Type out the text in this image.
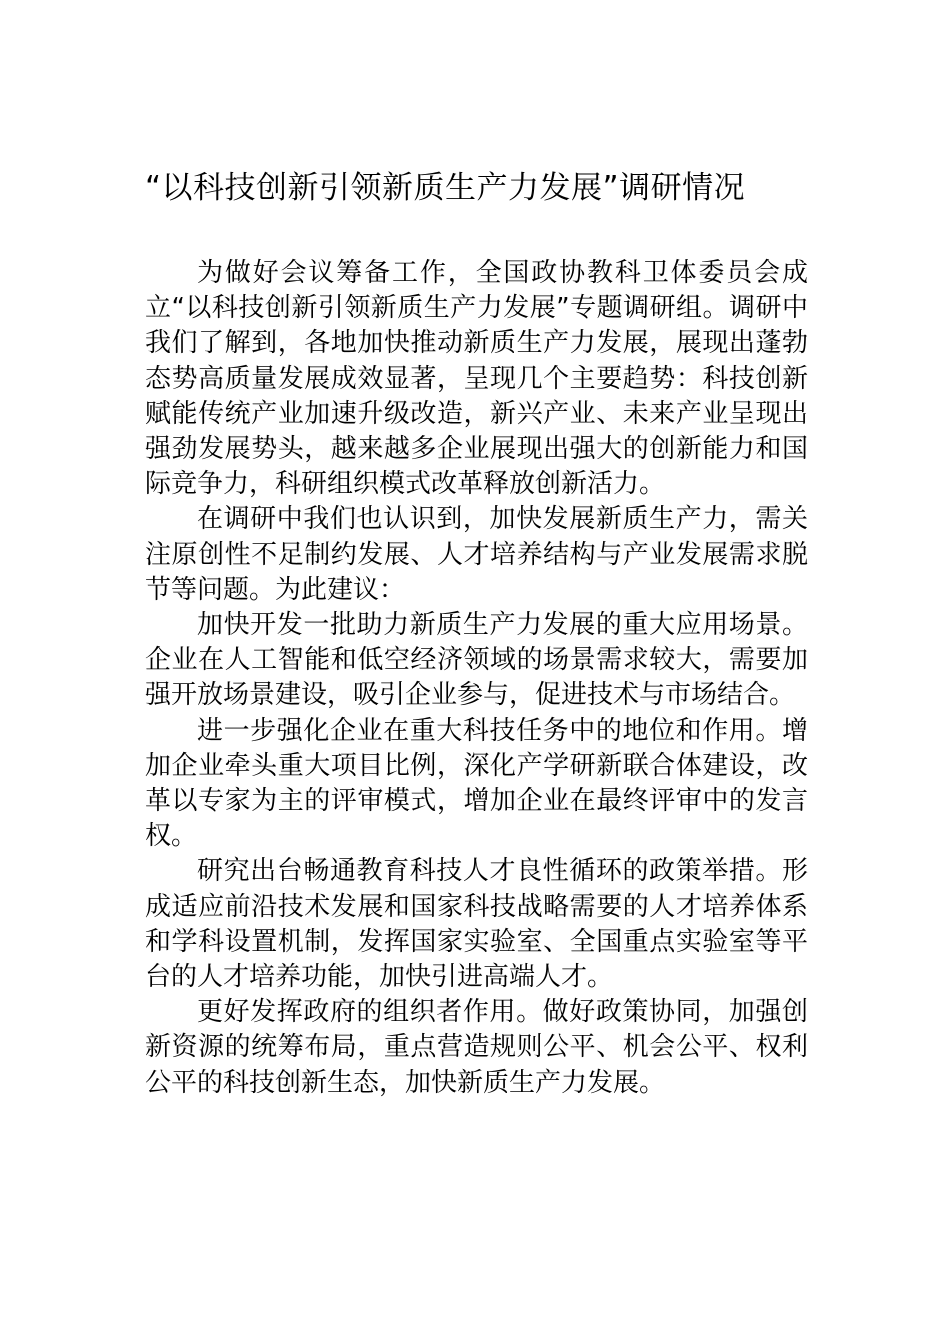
“以科技创新引领新质生产力发展”调研情况

为做好会议筹备工作，全国政协教科卫体委员会成立“以科技创新引领新质生产力发展”专题调研组。调研中我们了解到，各地加快推动新质生产力发展，展现出蓬勃态势高质量发展成效显著，呈现几个主要趋势：科技创新赋能传统产业加速升级改造，新兴产业、未来产业呈现出强劲发展势头，越来越多企业展现出强大的创新能力和国际竞争力，科研组织模式改革释放创新活力。

在调研中我们也认识到，加快发展新质生产力，需关注原创性不足制约发展、人才培养结构与产业发展需求脱节等问题。为此建议：

加快开发一批助力新质生产力发展的重大应用场景。企业在人工智能和低空经济领域的场景需求较大，需要加强开放场景建设，吸引企业参与，促进技术与市场结合。

进一步强化企业在重大科技任务中的地位和作用。增加企业牵头重大项目比例，深化产学研新联合体建设，改革以专家为主的评审模式，增加企业在最终评审中的发言权。

研究出台畅通教育科技人才良性循环的政策举措。形成适应前沿技术发展和国家科技战略需要的人才培养体系和学科设置机制，发挥国家实验室、全国重点实验室等平台的人才培养功能，加快引进高端人才。

更好发挥政府的组织者作用。做好政策协同，加强创新资源的统筹布局，重点营造规则公平、机会公平、权利公平的科技创新生态，加快新质生产力发展。
